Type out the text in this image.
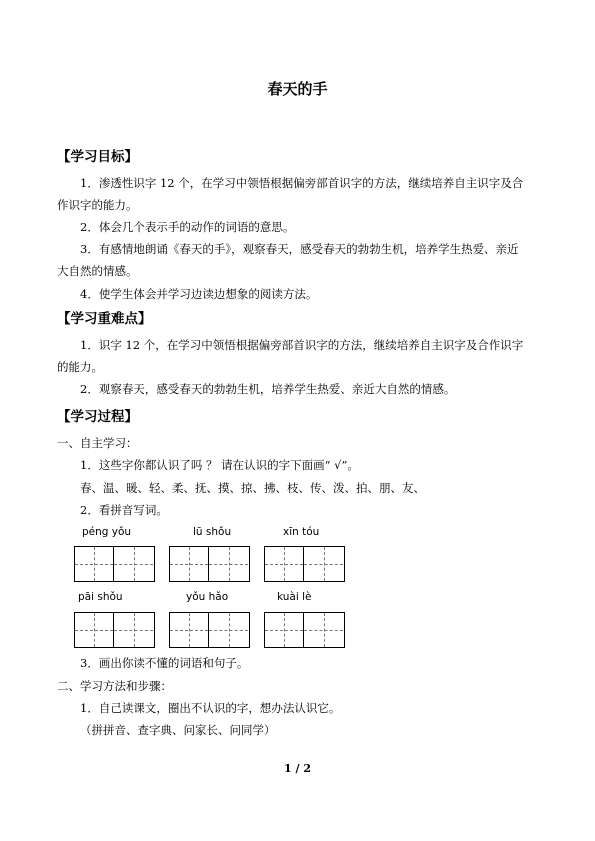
春天的手
【学习目标】
1．渗透性识字 12 个，在学习中领悟根据偏旁部首识字的方法，继续培养自主识字及合
作识字的能力。
2．体会几个表示手的动作的词语的意思。
3．有感情地朗诵《春天的手》，观察春天，感受春天的勃勃生机，培养学生热爱、亲近
大自然的情感。
4．使学生体会并学习边读边想象的阅读方法。
【学习重难点】
1．识字 12 个，在学习中领悟根据偏旁部首识字的方法，继续培养自主识字及合作识字
的能力。
2．观察春天，感受春天的勃勃生机，培养学生热爱、亲近大自然的情感。
【学习过程】
一、自主学习：
1．这些字你都认识了吗 ？ 请在认识的字下面画“ √”。
春、温、暖、轻、柔、抚、摸、掠、拂、枝、传、泼、拍、朋、友、
2．看拼音写词。
péng yǒu	lū shǒu	xīn tóu
pāi shǒu	yǒu hǎo	kuài lè
3．画出你读不懂的词语和句子。
二、学习方法和步骤：
1．自己读课文，圈出不认识的字，想办法认识它。
（拼拼音、查字典、问家长、问同学）
1 / 2
